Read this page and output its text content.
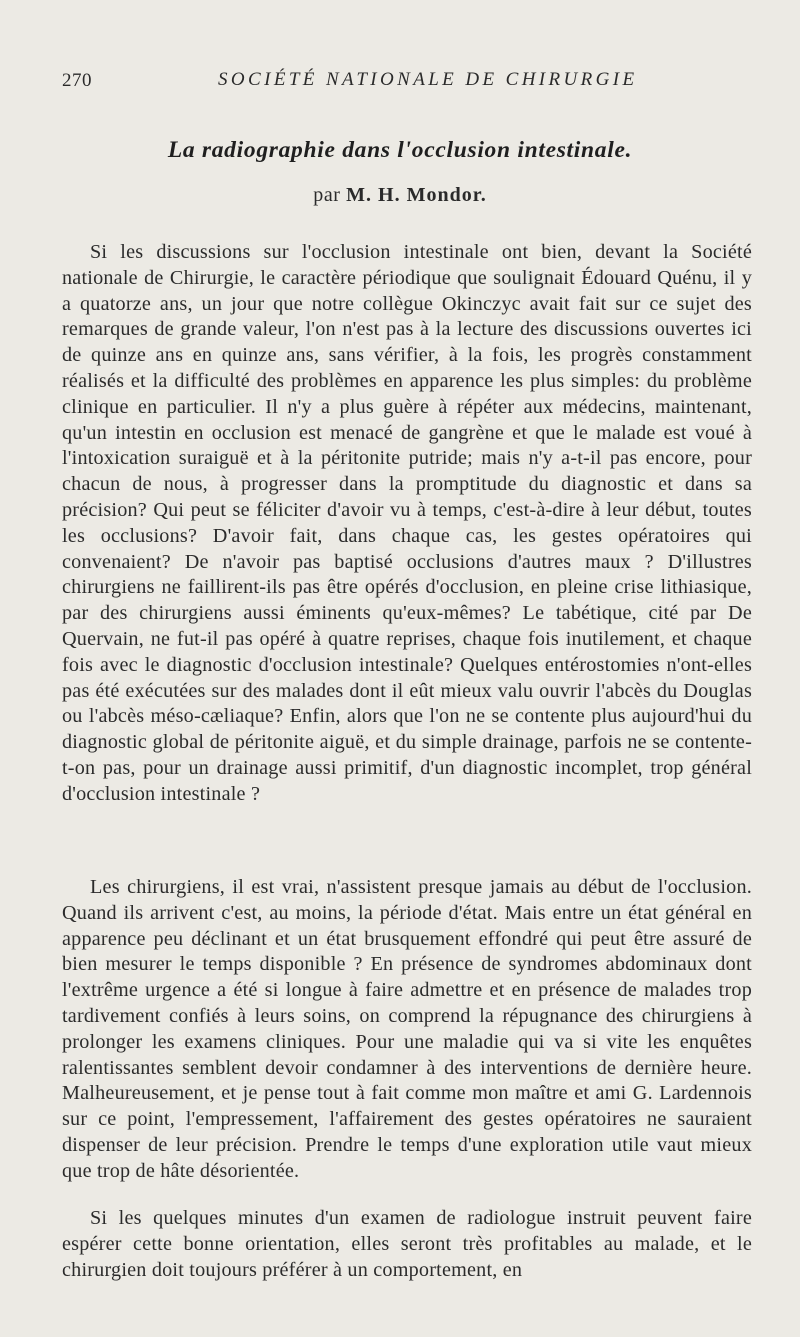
270	SOCIÉTÉ NATIONALE DE CHIRURGIE
La radiographie dans l'occlusion intestinale.
par M. H. Mondor.

Si les discussions sur l'occlusion intestinale ont bien, devant la Société nationale de Chirurgie, le caractère périodique que soulignait Édouard Quénu, il y a quatorze ans, un jour que notre collègue Okinczyc avait fait sur ce sujet des remarques de grande valeur, l'on n'est pas à la lecture des discussions ouvertes ici de quinze ans en quinze ans, sans vérifier, à la fois, les progrès constamment réalisés et la difficulté des problèmes en apparence les plus simples: du problème clinique en particulier. Il n'y a plus guère à répéter aux médecins, maintenant, qu'un intestin en occlusion est menacé de gangrène et que le malade est voué à l'intoxication suraiguë et à la péritonite putride; mais n'y a-t-il pas encore, pour chacun de nous, à progresser dans la promptitude du diagnostic et dans sa précision? Qui peut se féliciter d'avoir vu à temps, c'est-à-dire à leur début, toutes les occlusions? D'avoir fait, dans chaque cas, les gestes opératoires qui convenaient? De n'avoir pas baptisé occlusions d'autres maux ? D'illustres chirurgiens ne faillirent-ils pas être opérés d'occlusion, en pleine crise lithiasique, par des chirurgiens aussi éminents qu'eux-mêmes? Le tabétique, cité par De Quervain, ne fut-il pas opéré à quatre reprises, chaque fois inutilement, et chaque fois avec le diagnostic d'occlusion intestinale? Quelques entérostomies n'ont-elles pas été exécutées sur des malades dont il eût mieux valu ouvrir l'abcès du Douglas ou l'abcès méso-cæliaque? Enfin, alors que l'on ne se contente plus aujourd'hui du diagnostic global de péritonite aiguë, et du simple drainage, parfois ne se contente-t-on pas, pour un drainage aussi primitif, d'un diagnostic incomplet, trop général d'occlusion intestinale ?

Les chirurgiens, il est vrai, n'assistent presque jamais au début de l'occlusion. Quand ils arrivent c'est, au moins, la période d'état. Mais entre un état général en apparence peu déclinant et un état brusquement effondré qui peut être assuré de bien mesurer le temps disponible ? En présence de syndromes abdominaux dont l'extrême urgence a été si longue à faire admettre et en présence de malades trop tardivement confiés à leurs soins, on comprend la répugnance des chirurgiens à prolonger les examens cliniques. Pour une maladie qui va si vite les enquêtes ralentissantes semblent devoir condamner à des interventions de dernière heure. Malheureusement, et je pense tout à fait comme mon maître et ami G. Lardennois sur ce point, l'empressement, l'affairement des gestes opératoires ne sauraient dispenser de leur précision. Prendre le temps d'une exploration utile vaut mieux que trop de hâte désorientée.

Si les quelques minutes d'un examen de radiologue instruit peuvent faire espérer cette bonne orientation, elles seront très profitables au malade, et le chirurgien doit toujours préférer à un comportement, en
